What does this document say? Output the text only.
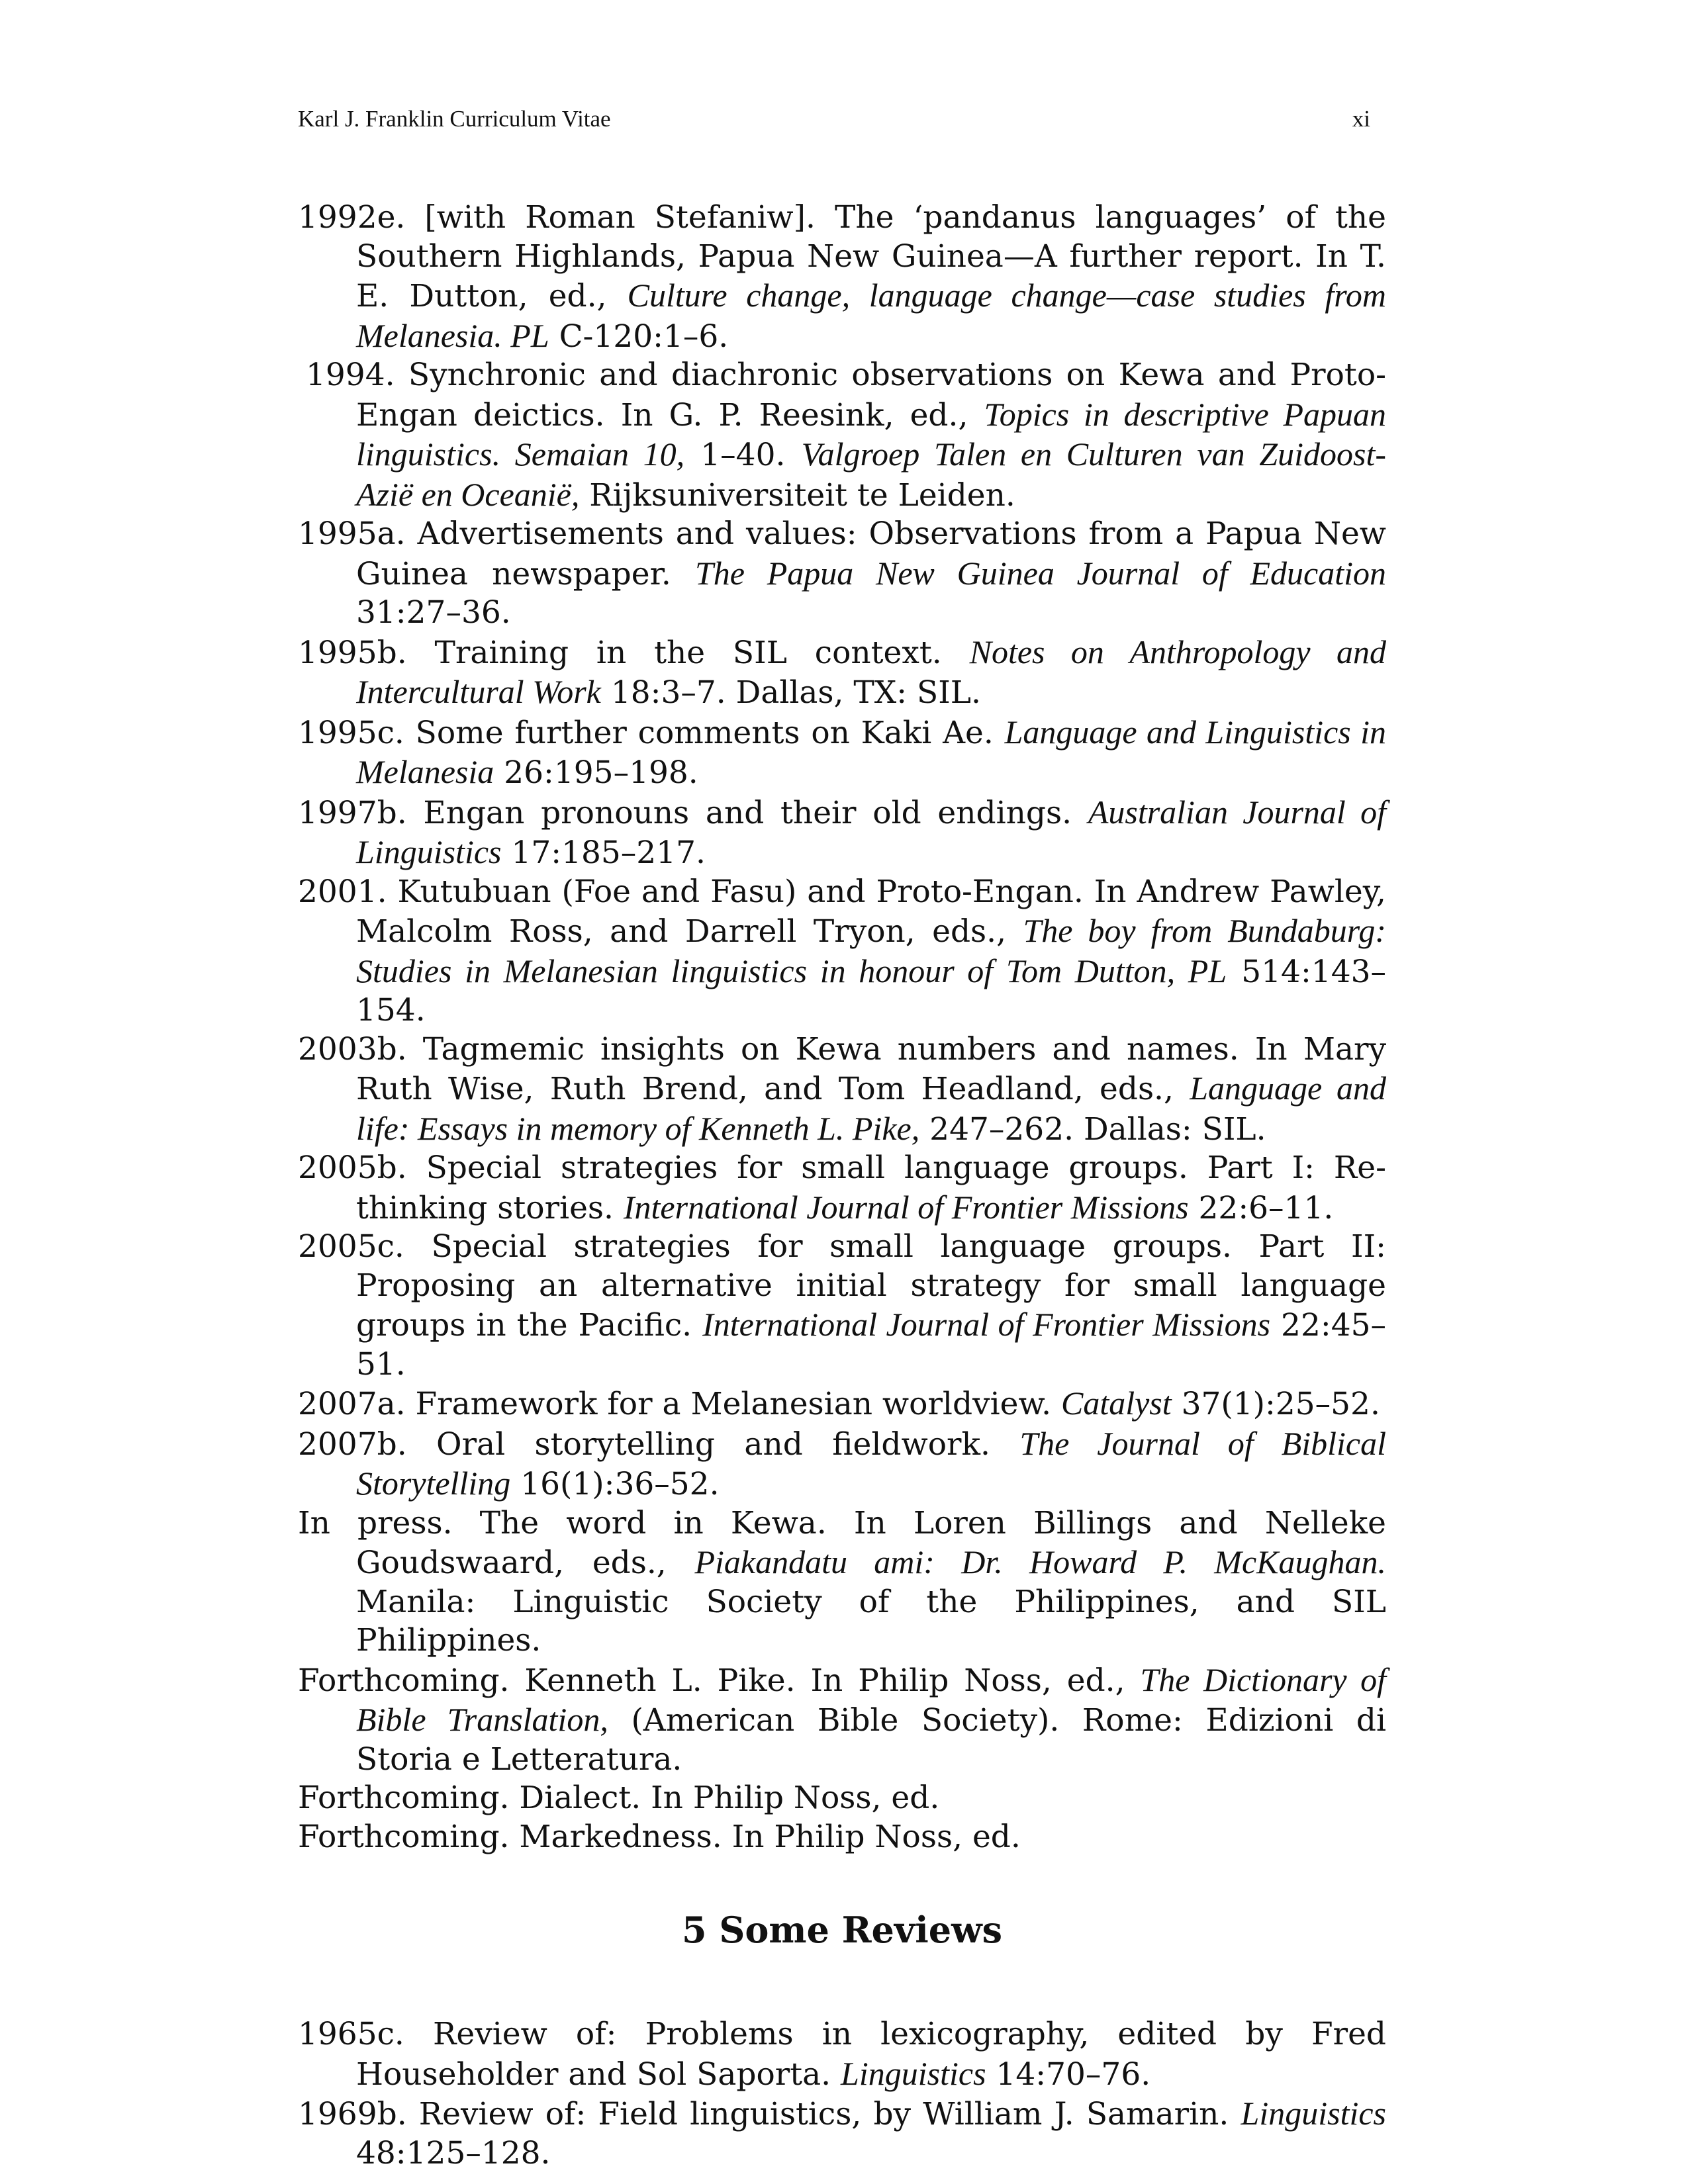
Karl J. Franklin Curriculum Vitae	xi

1992e. [with Roman Stefaniw]. The ‘pandanus languages’ of the Southern Highlands, Papua New Guinea—A further report. In T. E. Dutton, ed., Culture change, language change—case studies from Melanesia. PL C-120:1–6.

1994. Synchronic and diachronic observations on Kewa and Proto-Engan deictics. In G. P. Reesink, ed., Topics in descriptive Papuan linguistics. Semaian 10, 1–40. Valgroep Talen en Culturen van Zuidoost-Azië en Oceanië, Rijksuniversiteit te Leiden.

1995a. Advertisements and values: Observations from a Papua New Guinea newspaper. The Papua New Guinea Journal of Education 31:27–36.

1995b. Training in the SIL context. Notes on Anthropology and Intercultural Work 18:3–7. Dallas, TX: SIL.

1995c. Some further comments on Kaki Ae. Language and Linguistics in Melanesia 26:195–198.

1997b. Engan pronouns and their old endings. Australian Journal of Linguistics 17:185–217.

2001. Kutubuan (Foe and Fasu) and Proto-Engan. In Andrew Pawley, Malcolm Ross, and Darrell Tryon, eds., The boy from Bundaburg: Studies in Melanesian linguistics in honour of Tom Dutton, PL 514:143–154.

2003b. Tagmemic insights on Kewa numbers and names. In Mary Ruth Wise, Ruth Brend, and Tom Headland, eds., Language and life: Essays in memory of Kenneth L. Pike, 247–262. Dallas: SIL.

2005b. Special strategies for small language groups. Part I: Re-thinking stories. International Journal of Frontier Missions 22:6–11.

2005c. Special strategies for small language groups. Part II: Proposing an alternative initial strategy for small language groups in the Pacific. International Journal of Frontier Missions 22:45–51.

2007a. Framework for a Melanesian worldview. Catalyst 37(1):25–52.

2007b. Oral storytelling and fieldwork. The Journal of Biblical Storytelling 16(1):36–52.

In press. The word in Kewa. In Loren Billings and Nelleke Goudswaard, eds., Piakandatu ami: Dr. Howard P. McKaughan. Manila: Linguistic Society of the Philippines, and SIL Philippines.

Forthcoming. Kenneth L. Pike. In Philip Noss, ed., The Dictionary of Bible Translation, (American Bible Society). Rome: Edizioni di Storia e Letteratura.

Forthcoming. Dialect. In Philip Noss, ed.

Forthcoming. Markedness. In Philip Noss, ed.

5 Some Reviews

1965c. Review of: Problems in lexicography, edited by Fred Householder and Sol Saporta. Linguistics 14:70–76.

1969b. Review of: Field linguistics, by William J. Samarin. Linguistics 48:125–128.
